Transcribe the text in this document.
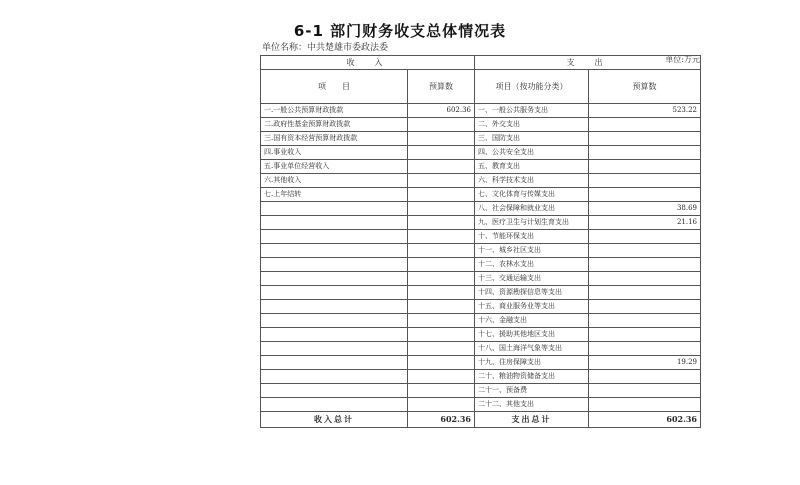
6-1 部门财务收支总体情况表
单位名称：中共楚雄市委政法委
单位:万元
收　入		支　出	
项　　目	预算数	项目（按功能分类）	预算数
一.一般公共预算财政拨款	602.36	一、一般公共服务支出	523.22
二.政府性基金预算财政拨款		二、外交支出	
三.国有资本经营预算财政拨款		三、国防支出	
四.事业收入		四、公共安全支出	
五.事业单位经营收入		五、教育支出	
六.其他收入		六、科学技术支出	
七.上年结转		七、文化体育与传媒支出	
		八、社会保障和就业支出	38.69
		九、医疗卫生与计划生育支出	21.16
		十、节能环保支出	
		十一、城乡社区支出	
		十二、农林水支出	
		十三、交通运输支出	
		十四、资源勘探信息等支出	
		十五、商业服务业等支出	
		十六、金融支出	
		十七、援助其他地区支出	
		十八、国土海洋气象等支出	
		十九、住房保障支出	19.29
		二十、粮油物资储备支出	
		二十一、预备费	
		二十二、其他支出	
收入总计	602.36	支出总计	602.36
